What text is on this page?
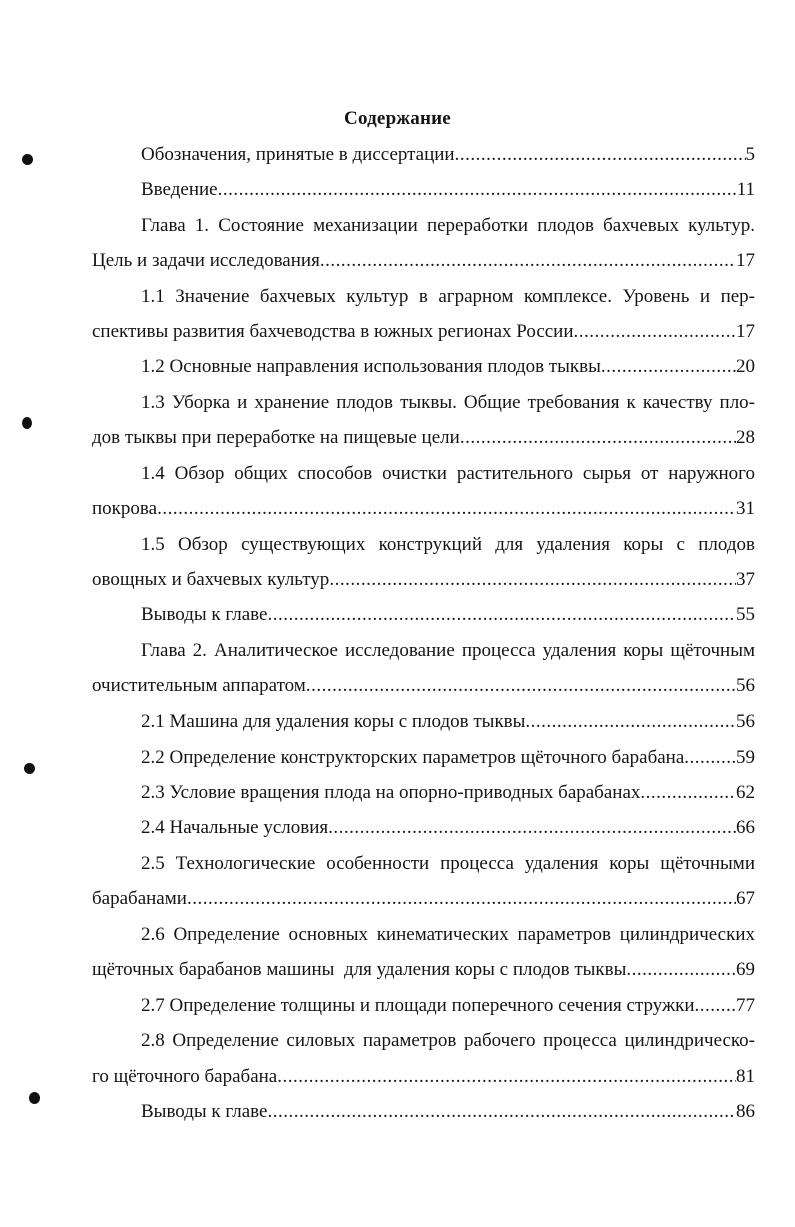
Содержание
Обозначения, принятые в диссертации .....	5
Введение .....	11
Глава 1. Состояние механизации переработки плодов бахчевых культур.
Цель и задачи исследования .....	17
1.1 Значение бахчевых культур в аграрном комплексе. Уровень и пер-
спективы развития бахчеводства в южных регионах России .....	17
1.2 Основные направления использования плодов тыквы .....	20
1.3 Уборка и хранение плодов тыквы. Общие требования к качеству пло-
дов тыквы при переработке на пищевые цели .....	28
1.4 Обзор общих способов очистки растительного сырья от наружного
покрова .....	31
1.5 Обзор существующих конструкций для удаления коры с плодов
овощных и бахчевых культур .....	37
Выводы к главе .....	55
Глава 2. Аналитическое исследование процесса удаления коры щёточным
очистительным аппаратом .....	56
2.1 Машина для удаления коры с плодов тыквы .....	56
2.2 Определение конструкторских параметров щёточного барабана .....	59
2.3 Условие вращения плода на опорно-приводных барабанах .....	62
2.4 Начальные условия .....	66
2.5 Технологические особенности процесса удаления коры щёточными
барабанами .....	67
2.6 Определение основных кинематических параметров цилиндрических
щёточных барабанов машины  для удаления коры с плодов тыквы .....	69
2.7 Определение толщины и площади поперечного сечения стружки ..... 77
2.8 Определение силовых параметров рабочего процесса цилиндрическо-
го щёточного барабана .....	81
Выводы к главе .....	86
